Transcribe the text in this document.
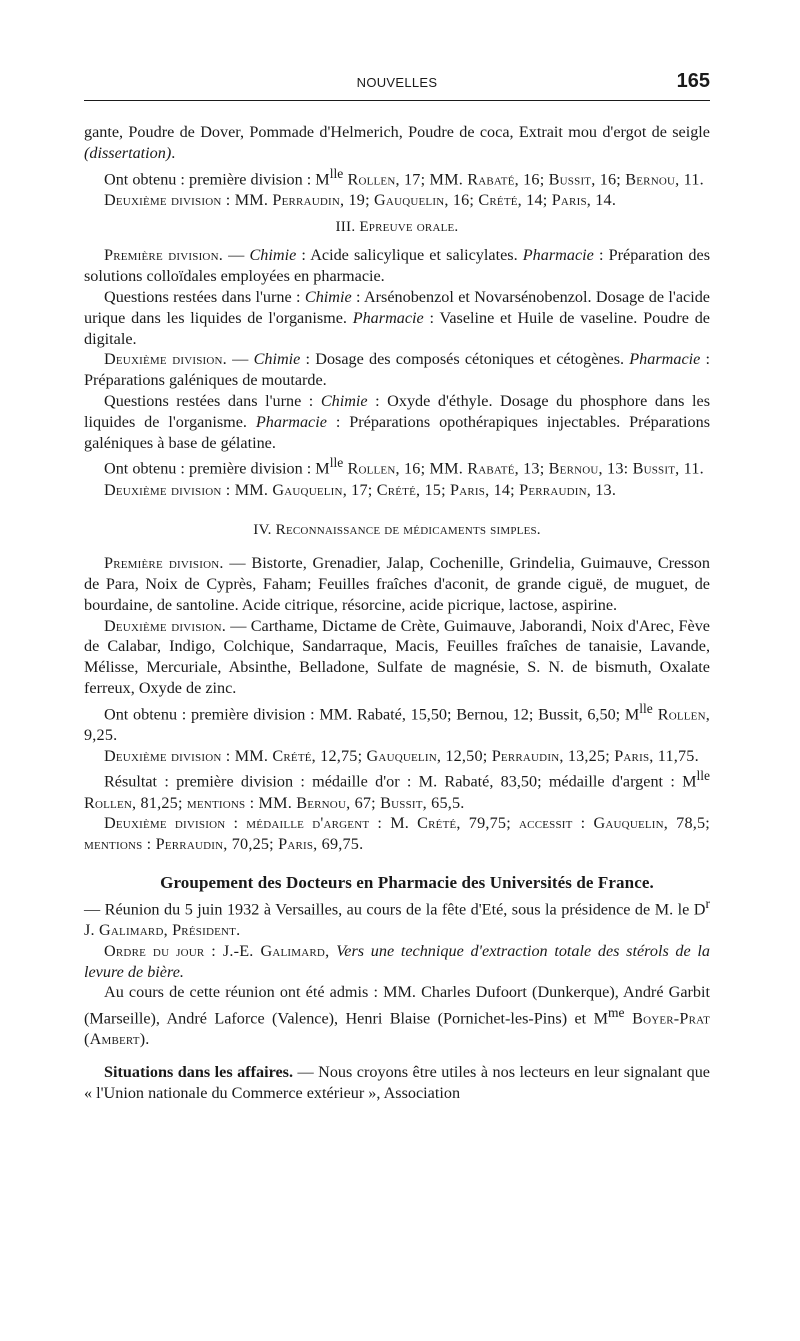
NOUVELLES	165

gante, Poudre de Dover, Pommade d'Helmerich, Poudre de coca, Extrait mou d'ergot de seigle (dissertation).

Ont obtenu : première division : $M^{lle}$ Rollen, 17; MM. Rabaté, 16; Bussit, 16; Bernou, 11.

Deuxième division : MM. Perraudin, 19; Gauquelin, 16; Crété, 14; Paris, 14.

III. Epreuve orale.

Première division. — Chimie : Acide salicylique et salicylates. Pharmacie : Préparation des solutions colloïdales employées en pharmacie.

Questions restées dans l'urne : Chimie : Arsénobenzol et Novarsénobenzol. Dosage de l'acide urique dans les liquides de l'organisme. Pharmacie : Vaseline et Huile de vaseline. Poudre de digitale.

Deuxième division. — Chimie : Dosage des composés cétoniques et cétogènes. Pharmacie : Préparations galéniques de moutarde.

Questions restées dans l'urne : Chimie : Oxyde d'éthyle. Dosage du phosphore dans les liquides de l'organisme. Pharmacie : Préparations opothérapiques injectables. Préparations galéniques à base de gélatine.

Ont obtenu : première division : $M^{lle}$ Rollen, 16; MM. Rabaté, 13; Bernou, 13: Bussit, 11.

Deuxième division : MM. Gauquelin, 17; Crété, 15; Paris, 14; Perraudin, 13.

IV. Reconnaissance de médicaments simples.

Première division. — Bistorte, Grenadier, Jalap, Cochenille, Grindelia, Guimauve, Cresson de Para, Noix de Cyprès, Faham; Feuilles fraîches d'aconit, de grande ciguë, de muguet, de bourdaine, de santoline. Acide citrique, résorcine, acide picrique, lactose, aspirine.

Deuxième division. — Carthame, Dictame de Crète, Guimauve, Jaborandi, Noix d'Arec, Fève de Calabar, Indigo, Colchique, Sandarraque, Macis, Feuilles fraîches de tanaisie, Lavande, Mélisse, Mercuriale, Absinthe, Belladone, Sulfate de magnésie, S. N. de bismuth, Oxalate ferreux, Oxyde de zinc.

Ont obtenu : première division : MM. Rabaté, 15,50; Bernou, 12; Bussit, 6,50; $M^{lle}$ Rollen, 9,25.

Deuxième division : MM. Crété, 12,75; Gauquelin, 12,50; Perraudin, 13,25; Paris, 11,75.

Résultat : première division : médaille d'or : M. Rabaté, 83,50; médaille d'argent : $M^{lle}$ Rollen, 81,25; mentions : MM. Bernou, 67; Bussit, 65,5.

Deuxième division : médaille d'argent : M. Crété, 79,75; accessit : Gauquelin, 78,5; mentions : Perraudin, 70,25; Paris, 69,75.

Groupement des Docteurs en Pharmacie des Universités de France.

— Réunion du 5 juin 1932 à Versailles, au cours de la fête d'Eté, sous la présidence de M. le $D^r$ J. Galimard, Président.

Ordre du jour : J.-E. Galimard, Vers une technique d'extraction totale des stérols de la levure de bière.

Au cours de cette réunion ont été admis : MM. Charles Dufoort (Dunkerque), André Garbit (Marseille), André Laforce (Valence), Henri Blaise (Pornichet-les-Pins) et $M^{me}$ Boyer-Prat (Ambert).

Situations dans les affaires. — Nous croyons être utiles à nos lecteurs en leur signalant que « l'Union nationale du Commerce extérieur », Association
